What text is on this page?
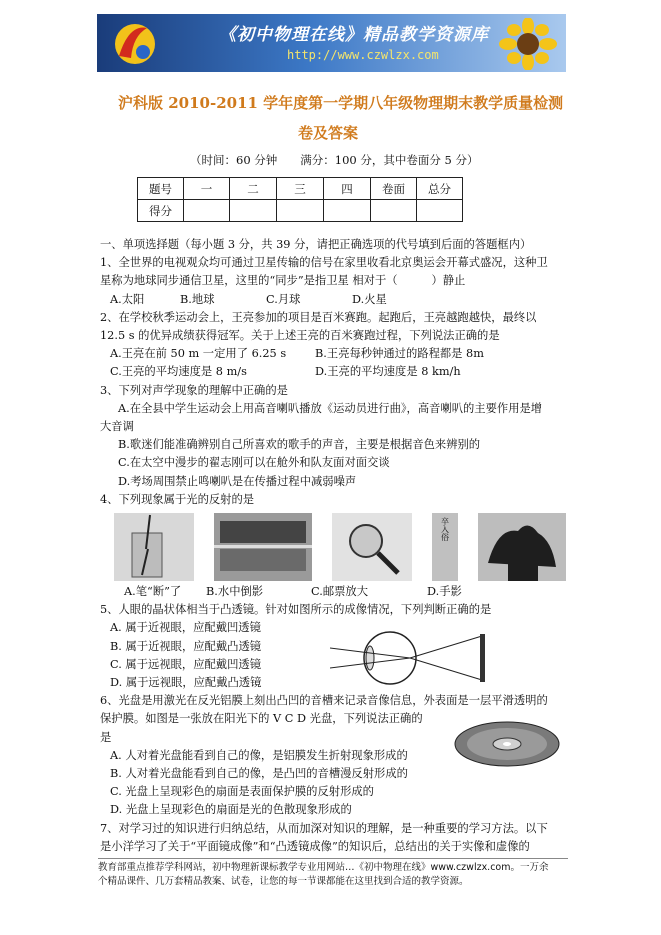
《初中物理在线》精品教学资源库
http://www.czwlzx.com
沪科版 2010-2011 学年度第一学期八年级物理期末教学质量检测
卷及答案
（时间：60 分钟　　满分：100 分，其中卷面分 5 分）
题号	一	二	三	四	卷面	总分
得分						

一、单项选择题（每小题 3 分，共 39 分，请把正确选项的代号填到后面的答题框内）

1、全世界的电视观众均可通过卫星传输的信号在家里收看北京奥运会开幕式盛况，这种卫

星称为地球同步通信卫星，这里的“同步”是指卫星 相对于（　　　）静止

A.太阳	B.地球	C.月球	D.火星

2、在学校秋季运动会上，王亮参加的项目是百米赛跑。起跑后，王亮越跑越快，最终以

12.5 s 的优异成绩获得冠军。关于上述王亮的百米赛跑过程，下列说法正确的是

A.王亮在前 50 m 一定用了 6.25 s	B.王亮每秒钟通过的路程都是 8m
C.王亮的平均速度是 8 m/s	D.王亮的平均速度是 8 km/h

3、下列对声学现象的理解中正确的是

A.在全县中学生运动会上用高音喇叭播放《运动员进行曲》，高音喇叭的主要作用是增

大音调

B.歌迷们能准确辨别自己所喜欢的歌手的声音，主要是根据音色来辨别的

C.在太空中漫步的翟志刚可以在舱外和队友面对面交谈

D.考场周围禁止鸣喇叭是在传播过程中减弱噪声

4、下列现象属于光的反射的是

卒入俗
A.笔“断”了	B.水中倒影	C.邮票放大	D.手影

5、人眼的晶状体相当于凸透镜。针对如图所示的成像情况，下列判断正确的是

A. 属于近视眼，应配戴凹透镜

B. 属于近视眼，应配戴凸透镜

C. 属于远视眼，应配戴凹透镜

D. 属于远视眼，应配戴凸透镜

6、光盘是用激光在反光铝膜上刻出凸凹的音槽来记录音像信息，外表面是一层平滑透明的

保护膜。如图是一张放在阳光下的 V C D 光盘，下列说法正确的

是

A. 人对着光盘能看到自己的像，是铝膜发生折射现象形成的

B. 人对着光盘能看到自己的像，是凸凹的音槽漫反射形成的

C. 光盘上呈现彩色的扇面是表面保护膜的反射形成的

D. 光盘上呈现彩色的扇面是光的色散现象形成的

7、对学习过的知识进行归纳总结，从而加深对知识的理解，是一种重要的学习方法。以下

是小洋学习了关于“平面镜成像”和“凸透镜成像”的知识后，总结出的关于实像和虚像的

教育部重点推荐学科网站，初中物理新课标教学专业用网站…《初中物理在线》www.czwlzx.com。一万余
个精品课件、几万套精品教案、试卷，让您的每一节课都能在这里找到合适的教学资源。
